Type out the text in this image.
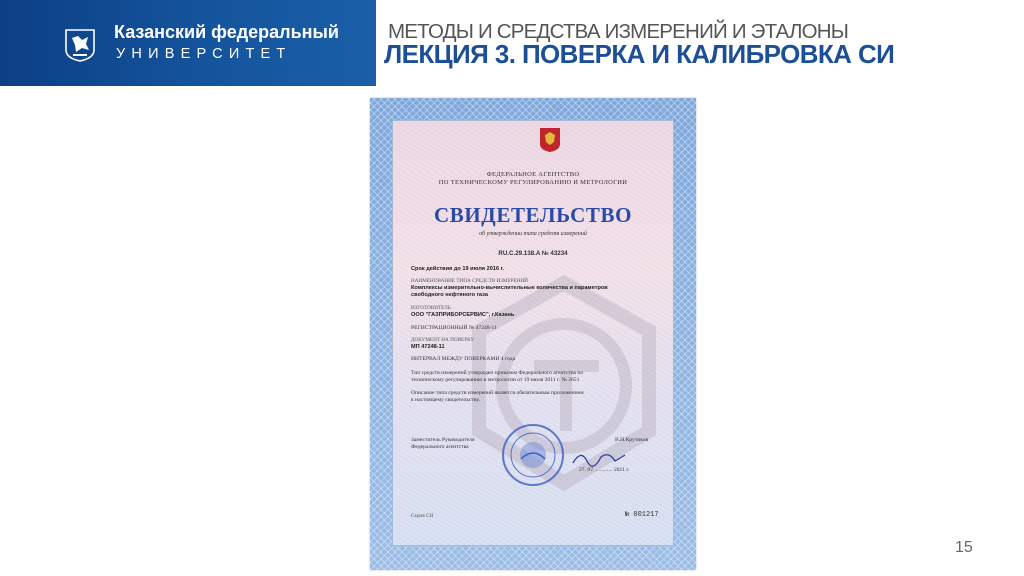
Казанский федеральный
УНИВЕРСИТЕТ
МЕТОДЫ И СРЕДСТВА ИЗМЕРЕНИЙ И ЭТАЛОНЫ
ЛЕКЦИЯ 3. ПОВЕРКА И КАЛИБРОВКА СИ
ФЕДЕРАЛЬНОЕ АГЕНТСТВО
ПО ТЕХНИЧЕСКОМУ РЕГУЛИРОВАНИЮ И МЕТРОЛОГИИ
СВИДЕТЕЛЬСТВО
об утверждении типа средств измерений
RU.C.29.138.A № 43234
Срок действия до 19 июля 2016 г.
НАИМЕНОВАНИЕ ТИПА СРЕДСТВ ИЗМЕРЕНИЙ
Комплексы измерительно-вычислительные количества и параметров
свободного нефтяного газа
ИЗГОТОВИТЕЛЬ
ООО "ГАЗПРИБОРСЕРВИС", г.Казань
РЕГИСТРАЦИОННЫЙ № 47248-11
ДОКУМЕНТ НА ПОВЕРКУ
МП 47248-11
ИНТЕРВАЛ МЕЖДУ ПОВЕРКАМИ 4 года
Тип средств измерений утвержден приказом Федерального агентства по
техническому регулированию и метрологии от 19 июля 2011 г. № 3651
Описание типа средств измерений является обязательным приложением
к настоящему свидетельству.
Заместитель Руководителя
Федерального агентства
В.Н.Крутиков
27. 07. ............ 2011 г.
Серия СИ	№ 001217
15
